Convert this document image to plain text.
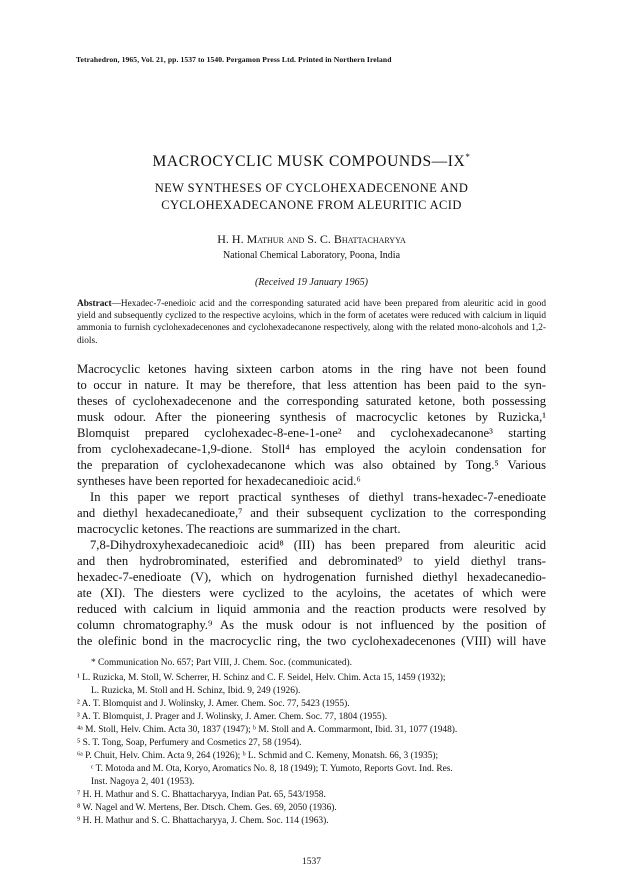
Tetrahedron, 1965, Vol. 21, pp. 1537 to 1540. Pergamon Press Ltd. Printed in Northern Ireland
MACROCYCLIC MUSK COMPOUNDS—IX*
NEW SYNTHESES OF CYCLOHEXADECENONE AND
CYCLOHEXADECANONE FROM ALEURITIC ACID
H. H. Mathur and S. C. Bhattacharyya
National Chemical Laboratory, Poona, India
(Received 19 January 1965)
Abstract—Hexadec-7-enedioic acid and the corresponding saturated acid have been prepared from aleuritic acid in good yield and subsequently cyclized to the respective acyloins, which in the form of acetates were reduced with calcium in liquid ammonia to furnish cyclohexadecenones and cyclohexadecanone respectively, along with the related mono-alcohols and 1,2-diols.
Macrocyclic ketones having sixteen carbon atoms in the ring have not been found
to occur in nature. It may be therefore, that less attention has been paid to the syn-
theses of cyclohexadecenone and the corresponding saturated ketone, both possessing
musk odour. After the pioneering synthesis of macrocyclic ketones by Ruzicka,¹
Blomquist prepared cyclohexadec-8-ene-1-one² and cyclohexadecanone³ starting
from cyclohexadecane-1,9-dione. Stoll⁴ has employed the acyloin condensation for
the preparation of cyclohexadecanone which was also obtained by Tong.⁵ Various
syntheses have been reported for hexadecanedioic acid.⁶
In this paper we report practical syntheses of diethyl trans-hexadec-7-enedioate
and diethyl hexadecanedioate,⁷ and their subsequent cyclization to the corresponding
macrocyclic ketones. The reactions are summarized in the chart.
7,8-Dihydroxyhexadecanedioic acid⁸ (III) has been prepared from aleuritic acid
and then hydrobrominated, esterified and debrominated⁹ to yield diethyl trans-
hexadec-7-enedioate (V), which on hydrogenation furnished diethyl hexadecanedio-
ate (XI). The diesters were cyclized to the acyloins, the acetates of which were
reduced with calcium in liquid ammonia and the reaction products were resolved by
column chromatography.⁹ As the musk odour is not influenced by the position of
the olefinic bond in the macrocyclic ring, the two cyclohexadecenones (VIII) will have
* Communication No. 657; Part VIII, J. Chem. Soc. (communicated).
¹ L. Ruzicka, M. Stoll, W. Scherrer, H. Schinz and C. F. Seidel, Helv. Chim. Acta 15, 1459 (1932);
L. Ruzicka, M. Stoll and H. Schinz, Ibid. 9, 249 (1926).
² A. T. Blomquist and J. Wolinsky, J. Amer. Chem. Soc. 77, 5423 (1955).
³ A. T. Blomquist, J. Prager and J. Wolinsky, J. Amer. Chem. Soc. 77, 1804 (1955).
⁴ᵃ M. Stoll, Helv. Chim. Acta 30, 1837 (1947); ᵇ M. Stoll and A. Commarmont, Ibid. 31, 1077 (1948).
⁵ S. T. Tong, Soap, Perfumery and Cosmetics 27, 58 (1954).
⁶ᵃ P. Chuit, Helv. Chim. Acta 9, 264 (1926); ᵇ L. Schmid and C. Kemeny, Monatsh. 66, 3 (1935);
ᶜ T. Motoda and M. Ota, Koryo, Aromatics No. 8, 18 (1949); T. Yumoto, Reports Govt. Ind. Res.
Inst. Nagoya 2, 401 (1953).
⁷ H. H. Mathur and S. C. Bhattacharyya, Indian Pat. 65, 543/1958.
⁸ W. Nagel and W. Mertens, Ber. Dtsch. Chem. Ges. 69, 2050 (1936).
⁹ H. H. Mathur and S. C. Bhattacharyya, J. Chem. Soc. 114 (1963).
1537
